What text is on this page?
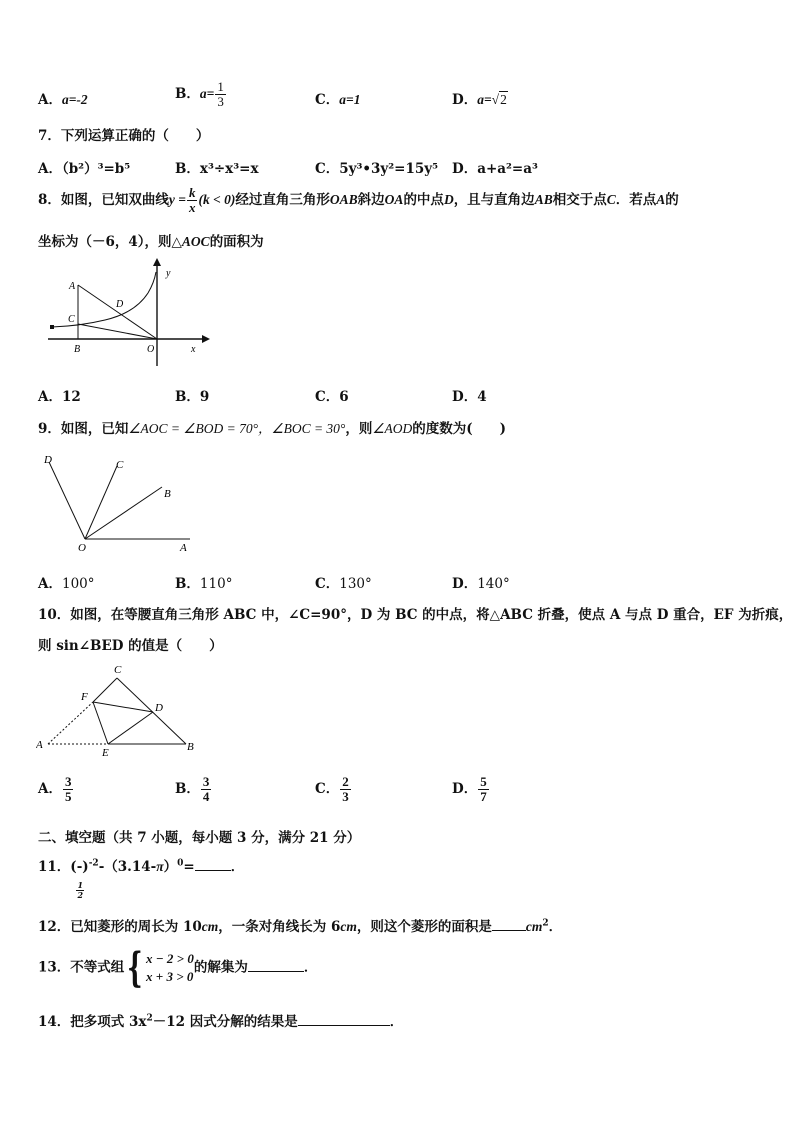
A．a=-2	B．$a= \frac{1}{3}$	C．a=1	D．a=√2
7．下列运算正确的（　　）
A．（b²）³=b⁵	B．x³÷x³=x	C．5y³•3y²=15y⁵ D．a+a²=a³
8．如图，已知双曲线$y = \frac{k}{x} (k < 0)$经过直角三角形OAB斜边OA的中点D，且与直角边AB相交于点C．若点A的
坐标为（－6，4），则△AOC的面积为
A
D
C
B	O	x
y
A．12	B．9	C．6	D．4
9．如图，已知∠AOC = ∠BOD = 70°，∠BOC = 30°，则∠AOD的度数为(　　)
A
B
C
D
O
A．100°	B．110°	C．130°	D．140°
10．如图，在等腰直角三角形 ABC 中，∠C=90°，D 为 BC 的中点，将△ABC 折叠，使点 A 与点 D 重合，EF 为折痕，
则 sin∠BED 的值是（　　）
A	B
C
D
E
F
A． $\frac{3}{5}$	B． $\frac{3}{4}$	C． $\frac{2}{3}$	D． $\frac{5}{7}$
二、填空题（共 7 小题，每小题 3 分，满分 21 分）
11．(-
$\frac{1}{2}$
)$^{-2}-(3.14-\pi)^0=$	．
12．已知菱形的周长为 10cm，一条对角线长为 6cm，则这个菱形的面积是	$cm^2$．
13．不等式组{ x − 2 > 0
x + 3 > 0
的解集为	．
14．把多项式 $3x^2-12$ 因式分解的结果是	．
